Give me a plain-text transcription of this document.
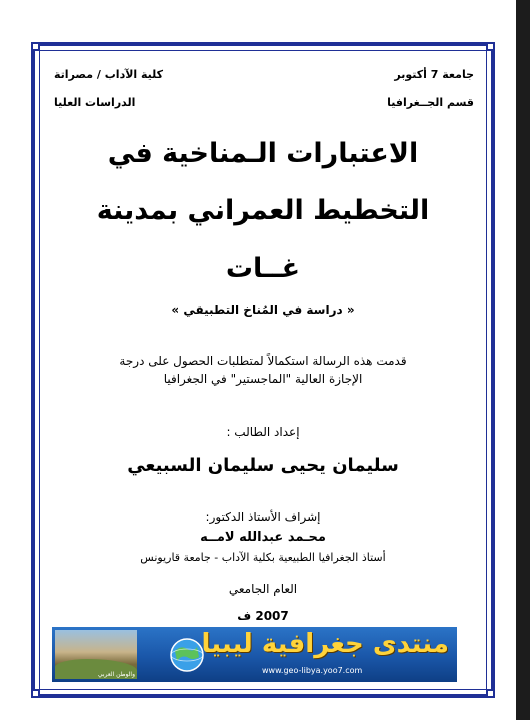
جامعة 7 أكتوبر
قسم الجــغرافيا
كلية الآداب / مصراتة
الدراسات العليا
الاعتبارات الـمناخية في
التخطيط العمراني بمدينة
غــات
« دراسة في المُناخ التطبيقي »
قدمت هذه الرسالة استكمالاً لمتطلبات الحصول على درجة
الإجازة العالية "الماجستير" في الجغرافيا
إعداد الطالب :
سليمان يحيى سليمان السبيعي
إشراف الأستاذ الدكتور:
محـمد عبدالله لامــه
أستاذ الجغرافيا الطبيعية بكلية الآداب - جامعة قاريونس
العام الجامعي
2007 ف
والوطن العربي
منتدى جغرافية ليبيا
www.geo-libya.yoo7.com
